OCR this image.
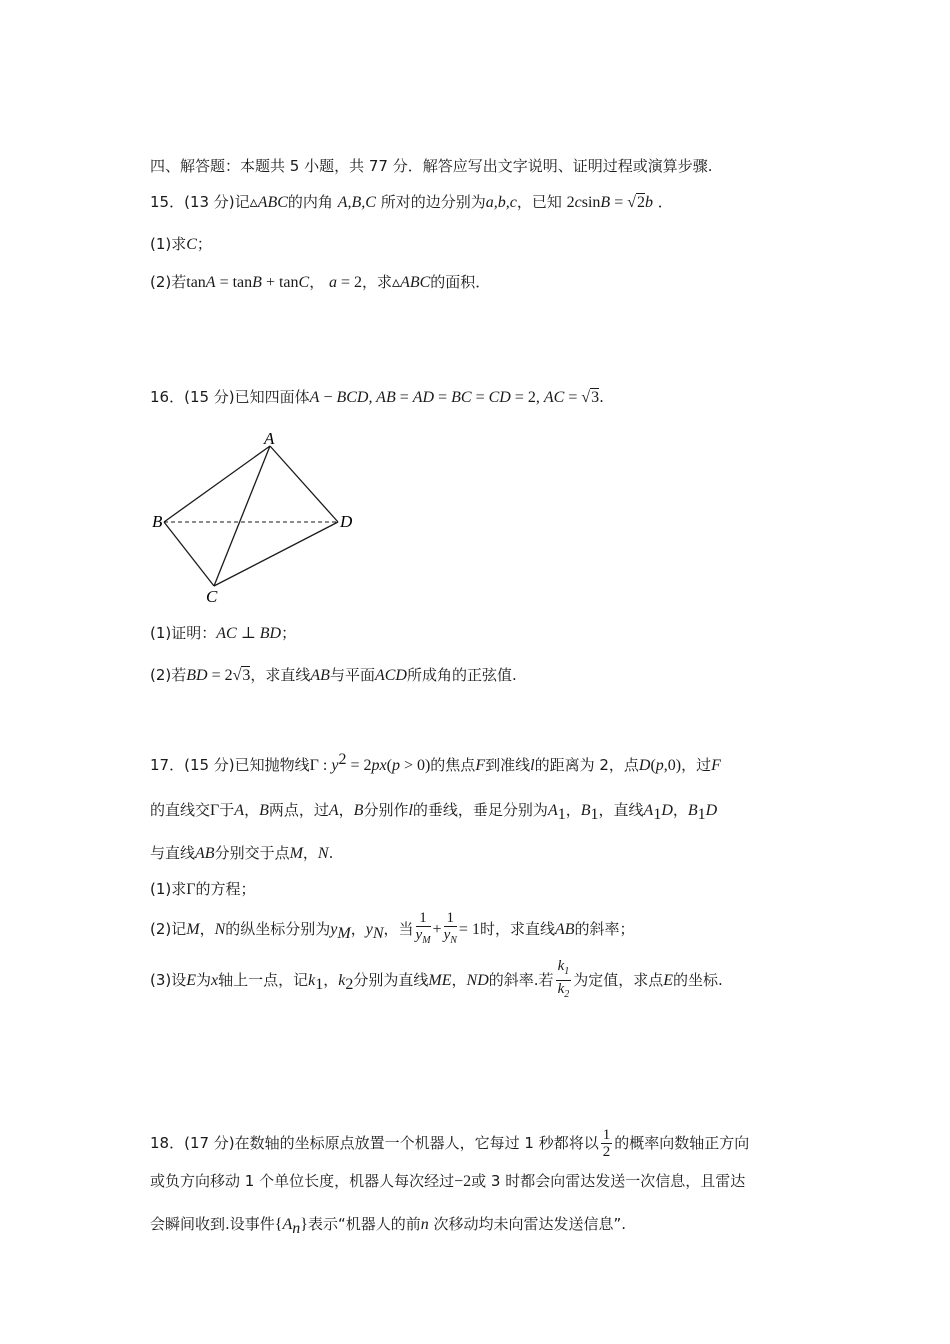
四、解答题：本题共 5 小题，共 77 分．解答应写出文字说明、证明过程或演算步骤.
15．(13 分)记▵ABC的内角 A,B,C 所对的边分别为a,b,c，已知 2csinB = √2b ．
(1)求C；
(2)若tanA = tanB + tanC， a = 2，求▵ABC的面积．
16．(15 分)已知四面体A − BCD, AB = AD = BC = CD = 2, AC = √3.
A
B
C
D
(1)证明：AC ⊥ BD；
(2)若BD = 2√3，求直线AB与平面ACD所成角的正弦值.
17．(15 分)已知抛物线Γ : $y^2 = 2px(p > 0)$的焦点F到准线l的距离为 2，点D(p,0)，过F
的直线交Γ于A，B两点，过A，B分别作l的垂线，垂足分别为$A_1$，$B_1$，直线$A_1D$，$B_1D$
与直线AB分别交于点M，N.
(1)求Γ的方程；
(2)记M，N的纵坐标分别为$y_M$，$y_N$，当 $\frac{1}{y_M} + \frac{1}{y_N} = 1$时，求直线AB的斜率；
(3)设E为x轴上一点，记$k_1$，$k_2$分别为直线ME，ND的斜率.若 $\frac{k_1}{k_2}$ 为定值，求点E的坐标.
18．(17 分)在数轴的坐标原点放置一个机器人，它每过 1 秒都将以 $\frac{1}{2}$ 的概率向数轴正方向
或负方向移动 1 个单位长度，机器人每次经过−2或 3 时都会向雷达发送一次信息，且雷达
会瞬间收到.设事件$\{A_n\}$表示“机器人的前n 次移动均未向雷达发送信息”.
